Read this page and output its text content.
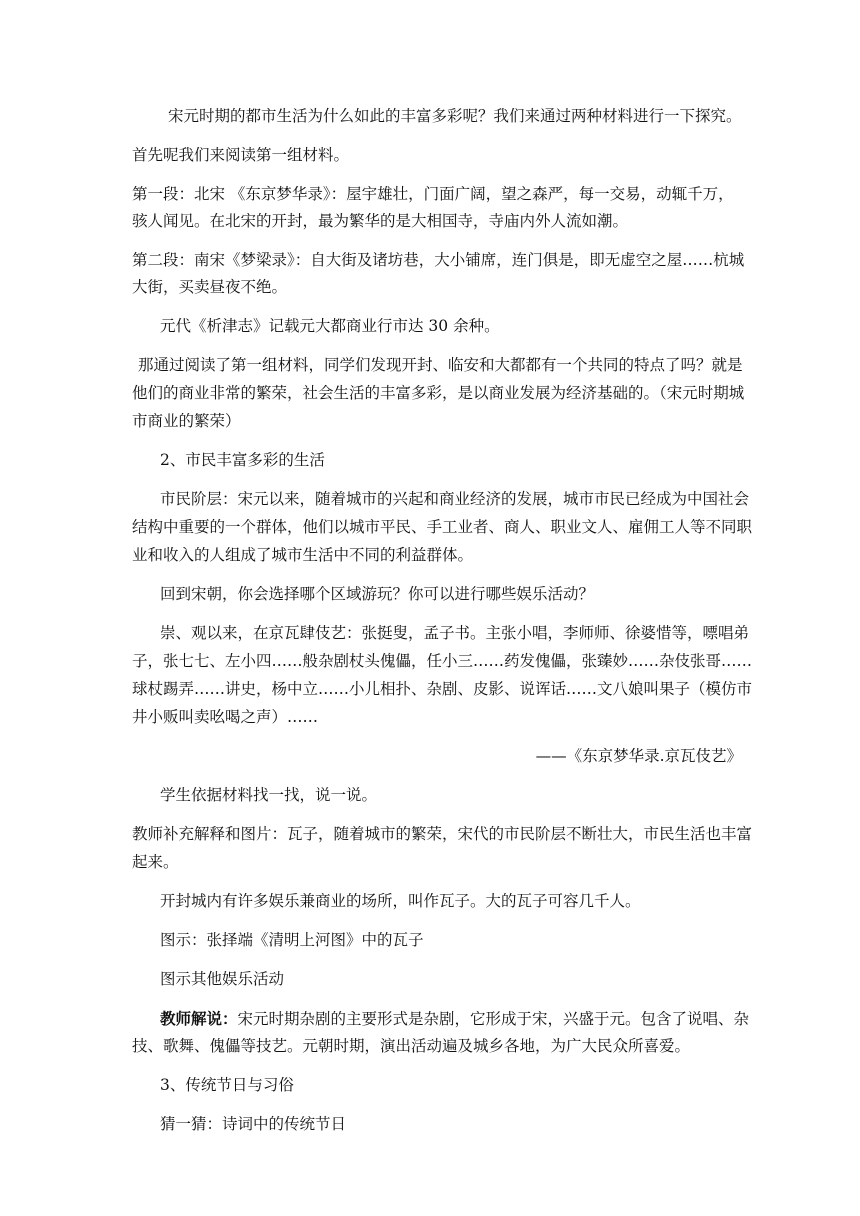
宋元时期的都市生活为什么如此的丰富多彩呢？我们来通过两种材料进行一下探究。

首先呢我们来阅读第一组材料。

第一段：北宋 《东京梦华录》：屋宇雄壮，门面广阔，望之森严，每一交易，动辄千万，

骇人闻见。在北宋的开封，最为繁华的是大相国寺，寺庙内外人流如潮。

第二段：南宋《梦梁录》：自大街及诸坊巷，大小铺席，连门俱是，即无虚空之屋……杭城

大街，买卖昼夜不绝。

元代《析津志》记载元大都商业行市达 30 余种。

那通过阅读了第一组材料，同学们发现开封、临安和大都都有一个共同的特点了吗？就是

他们的商业非常的繁荣，社会生活的丰富多彩，是以商业发展为经济基础的。（宋元时期城

市商业的繁荣）

2、市民丰富多彩的生活

市民阶层：宋元以来，随着城市的兴起和商业经济的发展，城市市民已经成为中国社会

结构中重要的一个群体，他们以城市平民、手工业者、商人、职业文人、雇佣工人等不同职

业和收入的人组成了城市生活中不同的利益群体。

回到宋朝，你会选择哪个区域游玩？你可以进行哪些娱乐活动？

崇、观以来，在京瓦肆伎艺：张挺叟，孟子书。主张小唱，李师师、徐婆惜等，嘌唱弟

子，张七七、左小四……般杂剧杖头傀儡，任小三……药发傀儡，张臻妙……杂伎张哥……

球杖踢弄……讲史，杨中立……小儿相扑、杂剧、皮影、说诨话……文八娘叫果子（模仿市

井小贩叫卖吆喝之声）……

——《东京梦华录.京瓦伎艺》

学生依据材料找一找，说一说。

教师补充解释和图片：瓦子，随着城市的繁荣，宋代的市民阶层不断壮大，市民生活也丰富

起来。

开封城内有许多娱乐兼商业的场所，叫作瓦子。大的瓦子可容几千人。

图示：张择端《清明上河图》中的瓦子

图示其他娱乐活动

教师解说：宋元时期杂剧的主要形式是杂剧，它形成于宋，兴盛于元。包含了说唱、杂

技、歌舞、傀儡等技艺。元朝时期，演出活动遍及城乡各地，为广大民众所喜爱。

3、传统节日与习俗

猜一猜：诗词中的传统节日
